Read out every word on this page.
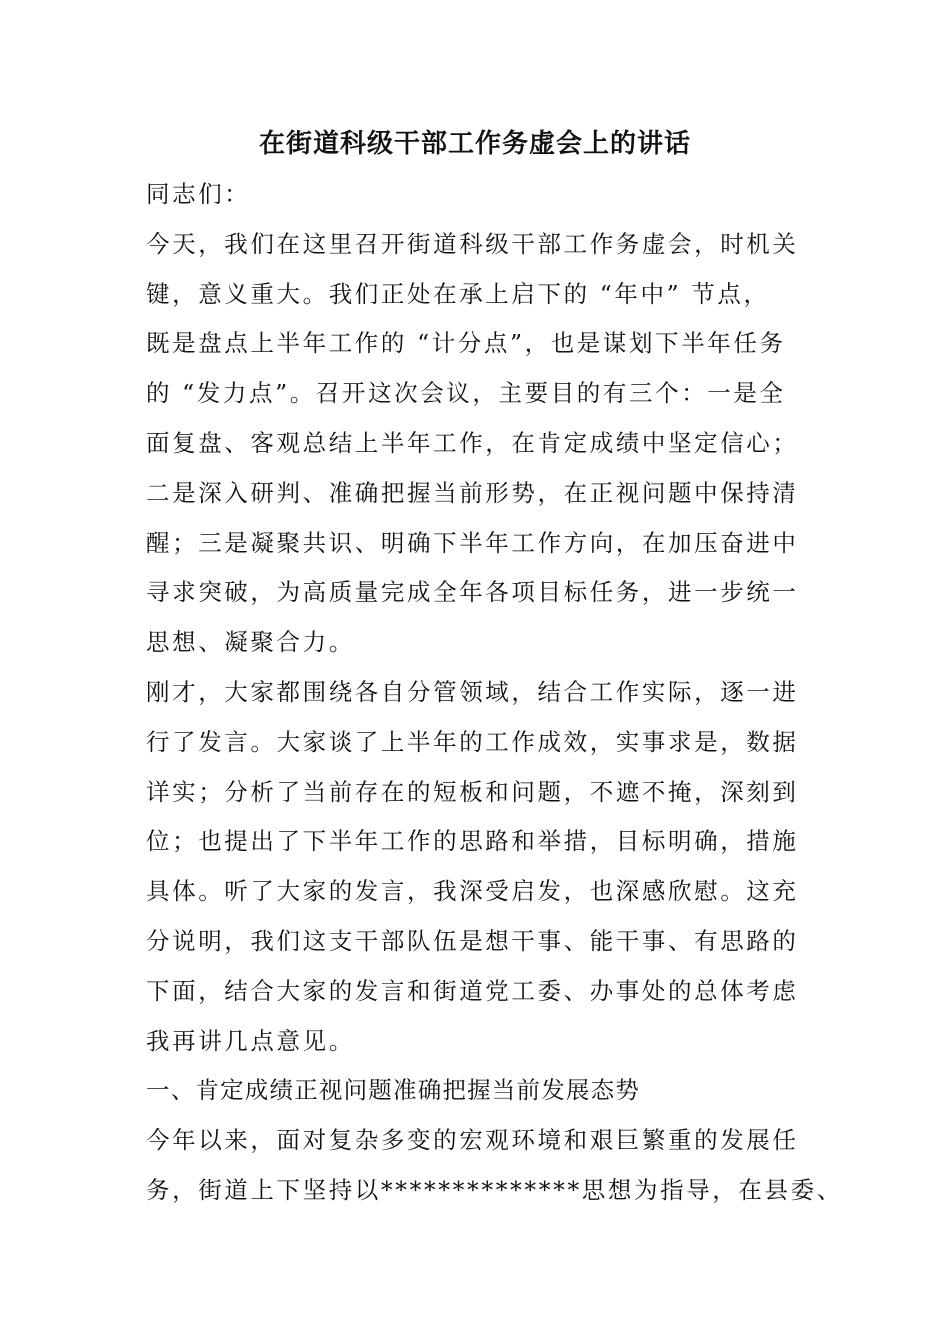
在街道科级干部工作务虚会上的讲话
同志们：
今天，我们在这里召开街道科级干部工作务虚会，时机关
键，意义重大。我们正处在承上启下的 “年中” 节点，
既是盘点上半年工作的 “计分点”，也是谋划下半年任务
的 “发力点”。召开这次会议，主要目的有三个：一是全
面复盘、客观总结上半年工作，在肯定成绩中坚定信心；
二是深入研判、准确把握当前形势，在正视问题中保持清
醒；三是凝聚共识、明确下半年工作方向，在加压奋进中
寻求突破，为高质量完成全年各项目标任务，进一步统一
思想、凝聚合力。
刚才，大家都围绕各自分管领域，结合工作实际，逐一进
行了发言。大家谈了上半年的工作成效，实事求是，数据
详实；分析了当前存在的短板和问题，不遮不掩，深刻到
位；也提出了下半年工作的思路和举措，目标明确，措施
具体。听了大家的发言，我深受启发，也深感欣慰。这充
分说明，我们这支干部队伍是想干事、能干事、有思路的
下面，结合大家的发言和街道党工委、办事处的总体考虑
我再讲几点意见。
一、肯定成绩正视问题准确把握当前发展态势
今年以来，面对复杂多变的宏观环境和艰巨繁重的发展任
务，街道上下坚持以**************思想为指导，在县委、
